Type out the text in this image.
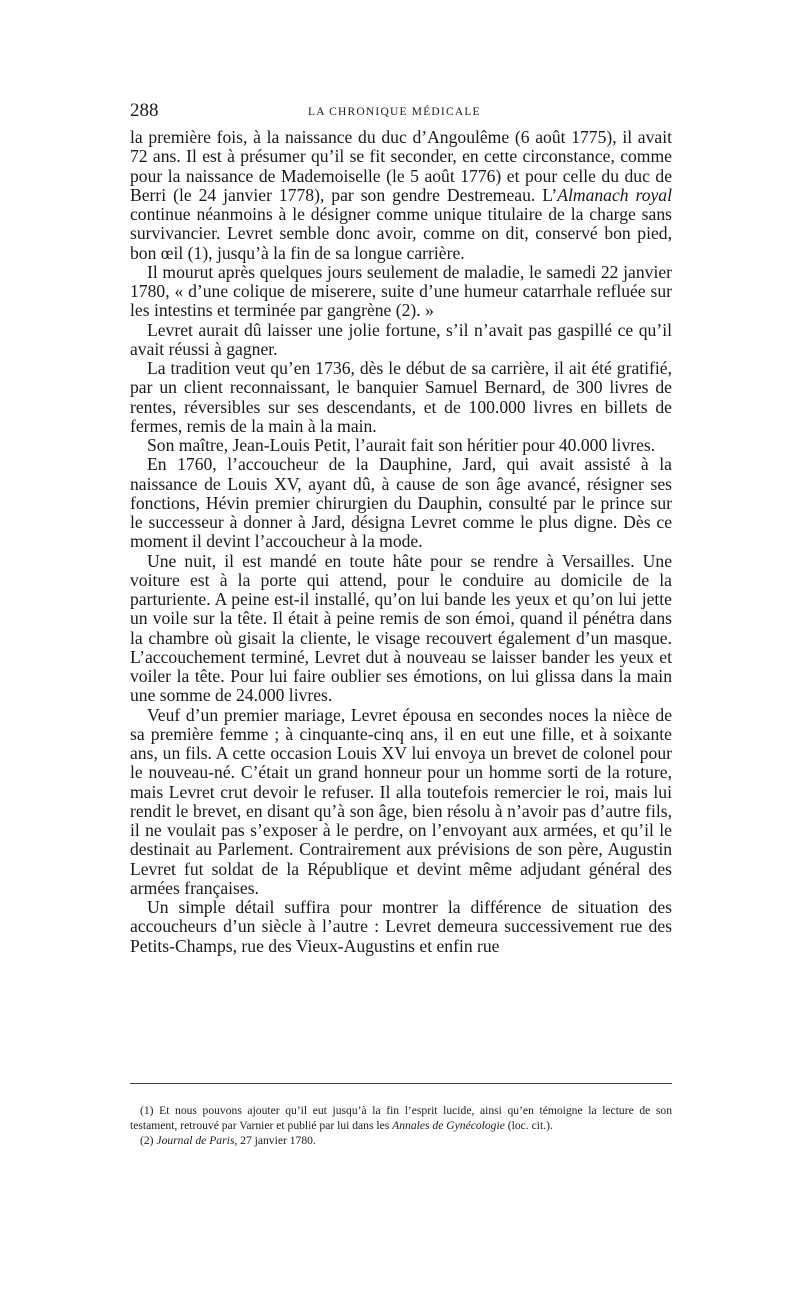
288	LA CHRONIQUE MÉDICALE

la première fois, à la naissance du duc d’Angoulême (6 août 1775), il avait 72 ans. Il est à présumer qu’il se fit seconder, en cette circonstance, comme pour la naissance de Mademoiselle (le 5 août 1776) et pour celle du duc de Berri (le 24 janvier 1778), par son gendre Destremeau. L’Almanach royal continue néanmoins à le désigner comme unique titulaire de la charge sans survivancier. Levret semble donc avoir, comme on dit, conservé bon pied, bon œil (1), jusqu’à la fin de sa longue carrière.

Il mourut après quelques jours seulement de maladie, le samedi 22 janvier 1780, « d’une colique de miserere, suite d’une humeur catarrhale refluée sur les intestins et terminée par gangrène (2). »

Levret aurait dû laisser une jolie fortune, s’il n’avait pas gaspillé ce qu’il avait réussi à gagner.

La tradition veut qu’en 1736, dès le début de sa carrière, il ait été gratifié, par un client reconnaissant, le banquier Samuel Bernard, de 300 livres de rentes, réversibles sur ses descendants, et de 100.000 livres en billets de fermes, remis de la main à la main.

Son maître, Jean-Louis Petit, l’aurait fait son héritier pour 40.000 livres.

En 1760, l’accoucheur de la Dauphine, Jard, qui avait assisté à la naissance de Louis XV, ayant dû, à cause de son âge avancé, résigner ses fonctions, Hévin premier chirurgien du Dauphin, consulté par le prince sur le successeur à donner à Jard, désigna Levret comme le plus digne. Dès ce moment il devint l’accoucheur à la mode.

Une nuit, il est mandé en toute hâte pour se rendre à Versailles. Une voiture est à la porte qui attend, pour le conduire au domicile de la parturiente. A peine est-il installé, qu’on lui bande les yeux et qu’on lui jette un voile sur la tête. Il était à peine remis de son émoi, quand il pénétra dans la chambre où gisait la cliente, le visage recouvert également d’un masque. L’accouchement terminé, Levret dut à nouveau se laisser bander les yeux et voiler la tête. Pour lui faire oublier ses émotions, on lui glissa dans la main une somme de 24.000 livres.

Veuf d’un premier mariage, Levret épousa en secondes noces la nièce de sa première femme ; à cinquante-cinq ans, il en eut une fille, et à soixante ans, un fils. A cette occasion Louis XV lui envoya un brevet de colonel pour le nouveau-né. C’était un grand honneur pour un homme sorti de la roture, mais Levret crut devoir le refuser. Il alla toutefois remercier le roi, mais lui rendit le brevet, en disant qu’à son âge, bien résolu à n’avoir pas d’autre fils, il ne voulait pas s’exposer à le perdre, on l’envoyant aux armées, et qu’il le destinait au Parlement. Contrairement aux prévisions de son père, Augustin Levret fut soldat de la République et devint même adjudant général des armées françaises.

Un simple détail suffira pour montrer la différence de situation des accoucheurs d’un siècle à l’autre : Levret demeura successivement rue des Petits-Champs, rue des Vieux-Augustins et enfin rue

(1) Et nous pouvons ajouter qu’il eut jusqu’à la fin l’esprit lucide, ainsi qu’en témoigne la lecture de son testament, retrouvé par Varnier et publié par lui dans les Annales de Gynécologie (loc. cit.).

(2) Journal de Paris, 27 janvier 1780.
